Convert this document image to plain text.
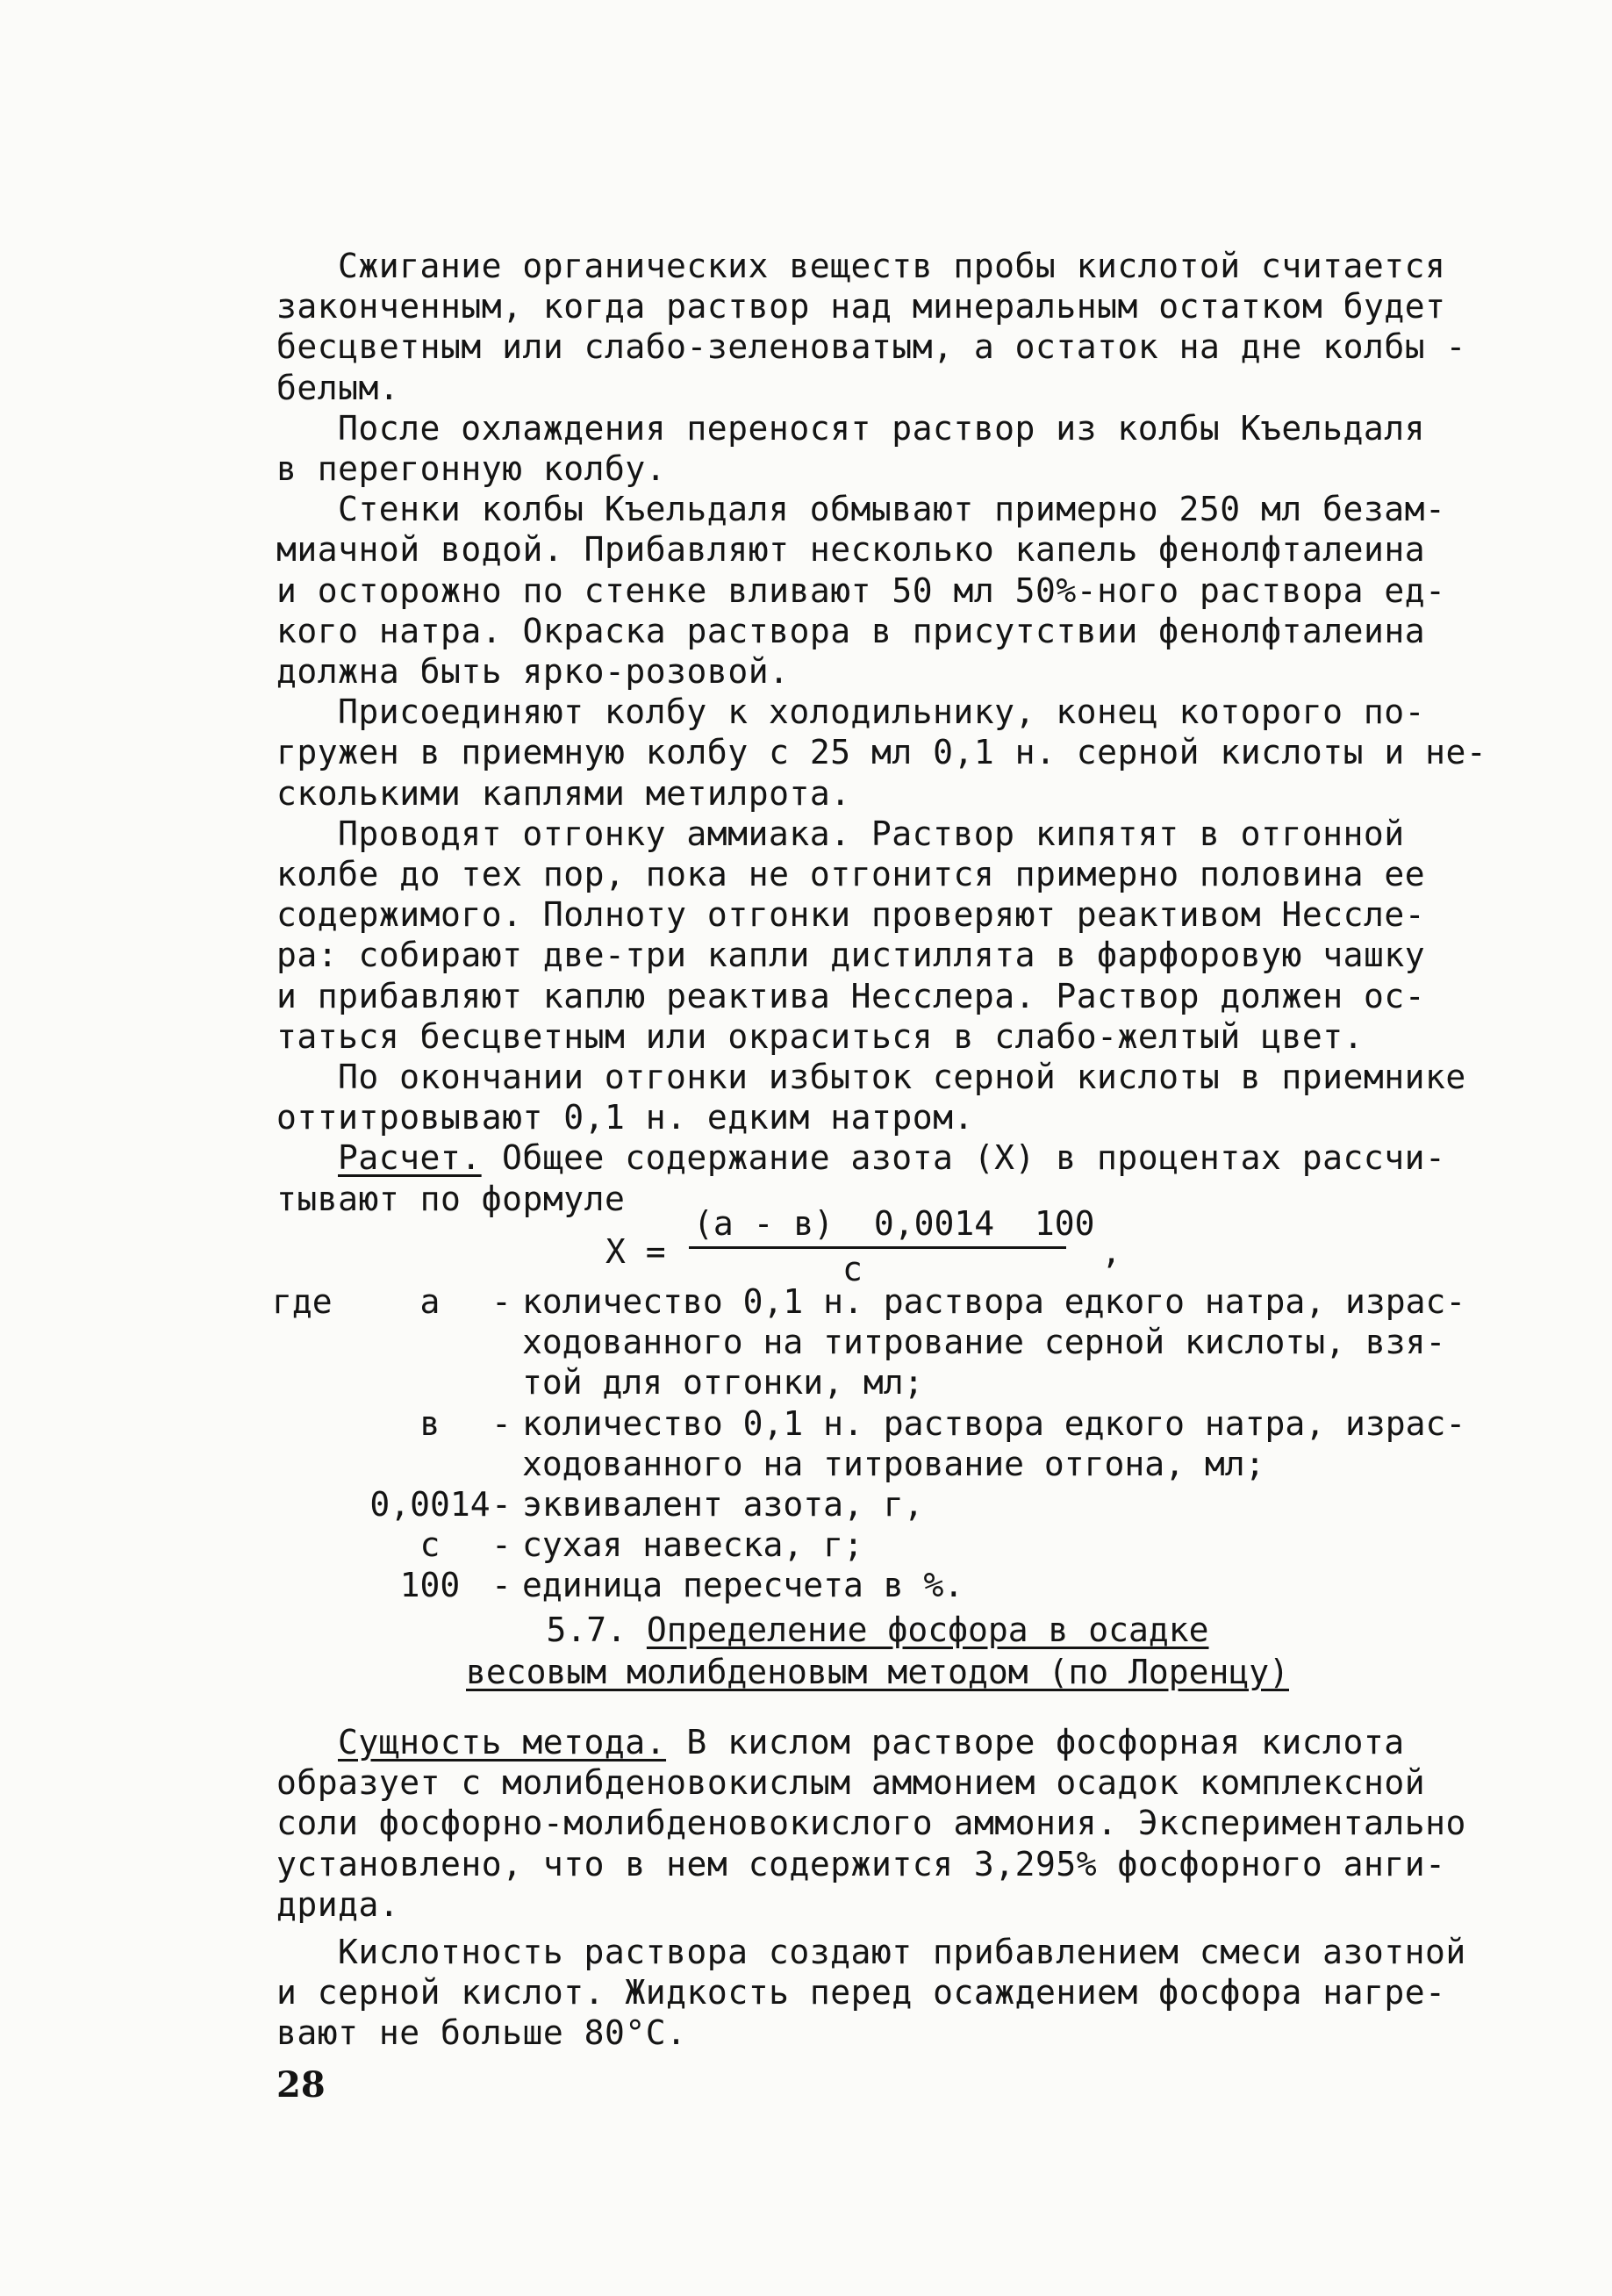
Сжигание органических веществ пробы кислотой считается
законченным, когда раствор над минеральным остатком будет
бесцветным или слабо-зеленоватым, а остаток на дне колбы -
белым.

После охлаждения переносят раствор из колбы Къельдаля
в перегонную колбу.

Стенки колбы Къельдаля обмывают примерно 250 мл безам-
миачной водой. Прибавляют несколько капель фенолфталеина
и осторожно по стенке вливают 50 мл 50%-ного раствора ед-
кого натра. Окраска раствора в присутствии фенолфталеина
должна быть ярко-розовой.

Присоединяют колбу к холодильнику, конец которого по-
гружен в приемную колбу с 25 мл 0,1 н. серной кислоты и не-
сколькими каплями метилрота.

Проводят отгонку аммиака. Раствор кипятят в отгонной
колбе до тех пор, пока не отгонится примерно половина ее
содержимого. Полноту отгонки проверяют реактивом Несcле-
ра: собирают две-три капли дистиллята в фарфоровую чашку
и прибавляют каплю реактива Несслера. Раствор должен ос-
таться бесцветным или окраситься в слабо-желтый цвет.

По окончании отгонки избыток серной кислоты в приемнике
оттитровывают 0,1 н. едким натром.

Расчет. Общее содержание азота (X) в процентах рассчи-
тывают по формуле

X =
(а - в)  0,0014  100
с	,
где	а	- количество 0,1 н. раствора едкого натра, израс-
ходованного на титрование серной кислоты, взя-
той для отгонки, мл;
в	- количество 0,1 н. раствора едкого натра, израс-
ходованного на титрование отгона, мл;
0,0014 - эквивалент азота, г,
с	- сухая навеска, г;
100 - единица пересчета в %.
5.7. Определение фосфора в осадке
весовым молибденовым методом (по Лоренцу)

Сущность метода. В кислом растворе фосфорная кислота
образует с молибденовокислым аммонием осадок комплексной
соли фосфорно-молибденовокислого аммония. Экспериментально
установлено, что в нем содержится 3,295% фосфорного анги-
дрида.

Кислотность раствора создают прибавлением смеси азотной
и серной кислот. Жидкость перед осаждением фосфора нагре-
вают не больше 80°С.

28
